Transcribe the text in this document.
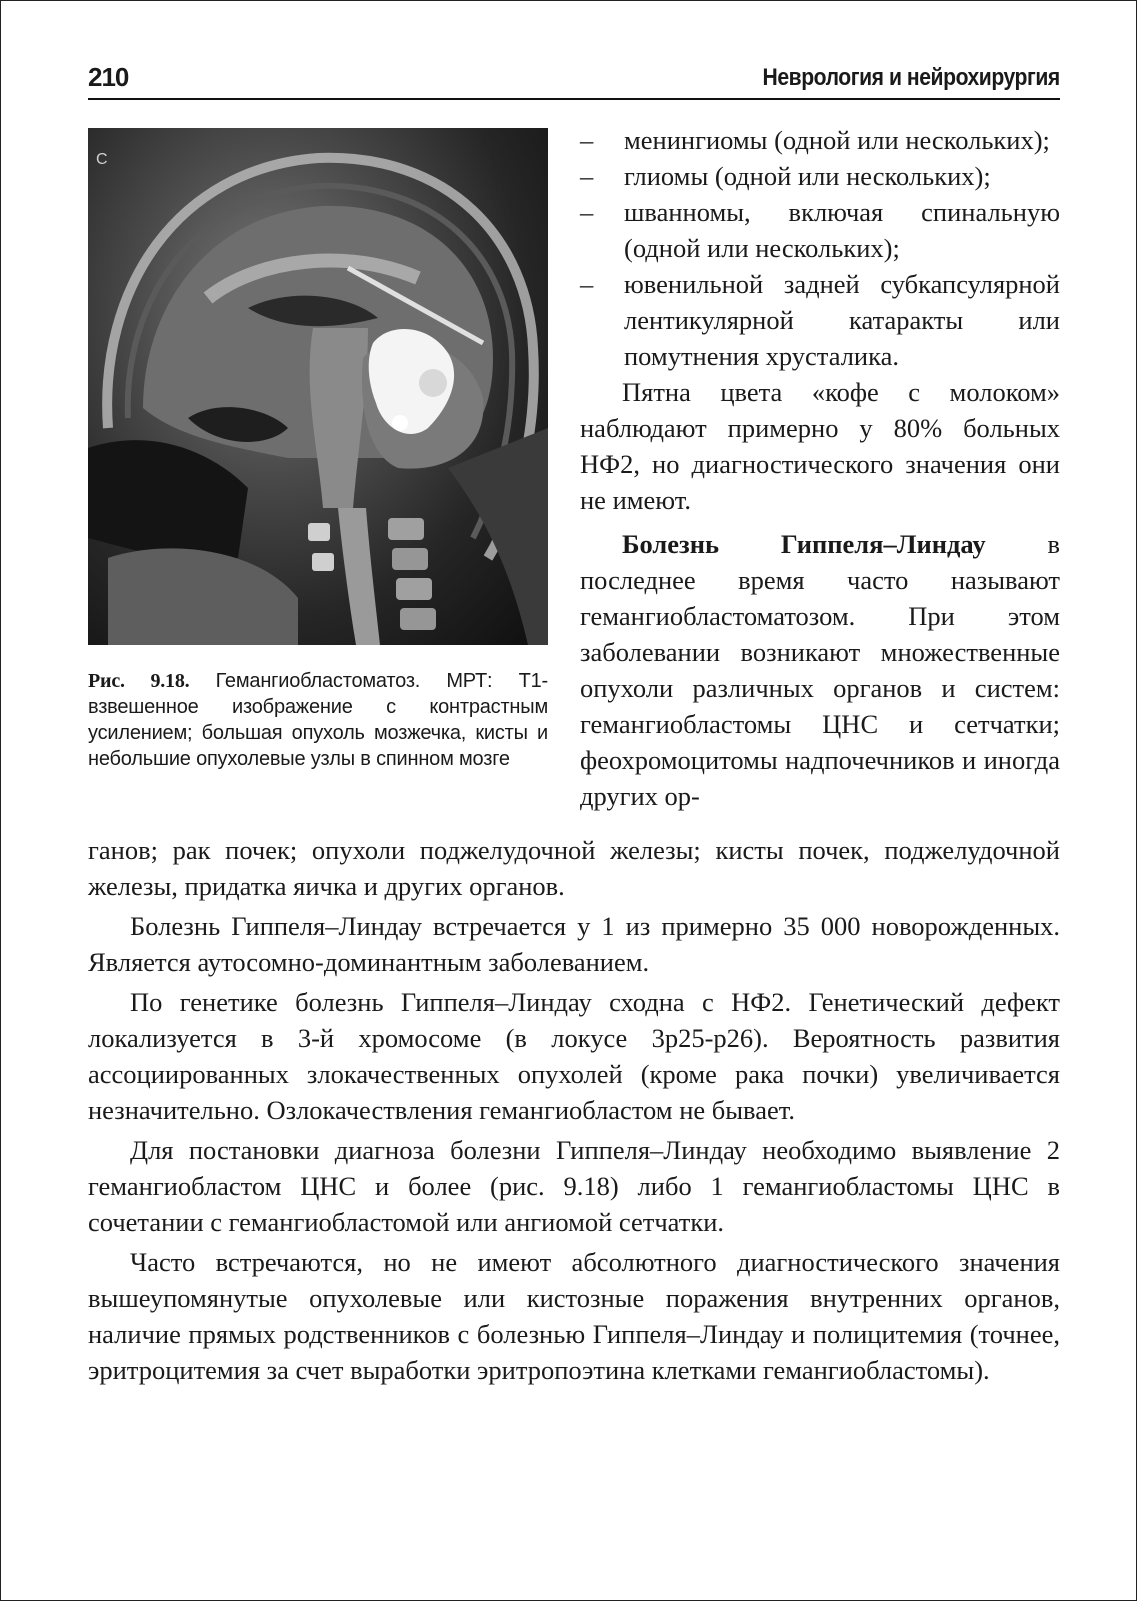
210	Неврология и нейрохирургия
C
Рис. 9.18. Гемангиобластоматоз. МРТ: Т1-взвешенное изображение с контрастным усилением; большая опухоль мозжечка, кисты и небольшие опухолевые узлы в спинном мозге
– менингиомы (одной или нескольких);
– глиомы (одной или нескольких);
– шванномы, включая спинальную (одной или нескольких);
– ювенильной задней субкапсулярной лентикулярной катаракты или помутнения хрусталика.

Пятна цвета «кофе с молоком» наблюдают примерно у 80% больных НФ2, но диагностического значения они не имеют.

Болезнь Гиппеля–Линдау в последнее время часто называют гемангиобластоматозом. При этом заболевании возникают множественные опухоли различных органов и систем: гемангиобластомы ЦНС и сетчатки; феохромоцитомы надпочечников и иногда других ор-

ганов; рак почек; опухоли поджелудочной железы; кисты почек, поджелудочной железы, придатка яичка и других органов.

Болезнь Гиппеля–Линдау встречается у 1 из примерно 35 000 новорожденных. Является аутосомно-доминантным заболеванием.

По генетике болезнь Гиппеля–Линдау сходна с НФ2. Генетический дефект локализуется в 3-й хромосоме (в локусе 3р25-р26). Вероятность развития ассоциированных злокачественных опухолей (кроме рака почки) увеличивается незначительно. Озлокачествления гемангиобластом не бывает.

Для постановки диагноза болезни Гиппеля–Линдау необходимо выявление 2 гемангиобластом ЦНС и более (рис. 9.18) либо 1 гемангиобластомы ЦНС в сочетании с гемангиобластомой или ангиомой сетчатки.

Часто встречаются, но не имеют абсолютного диагностического значения вышеупомянутые опухолевые или кистозные поражения внутренних органов, наличие прямых родственников с болезнью Гиппеля–Линдау и полицитемия (точнее, эритроцитемия за счет выработки эритропоэтина клетками гемангиобластомы).
